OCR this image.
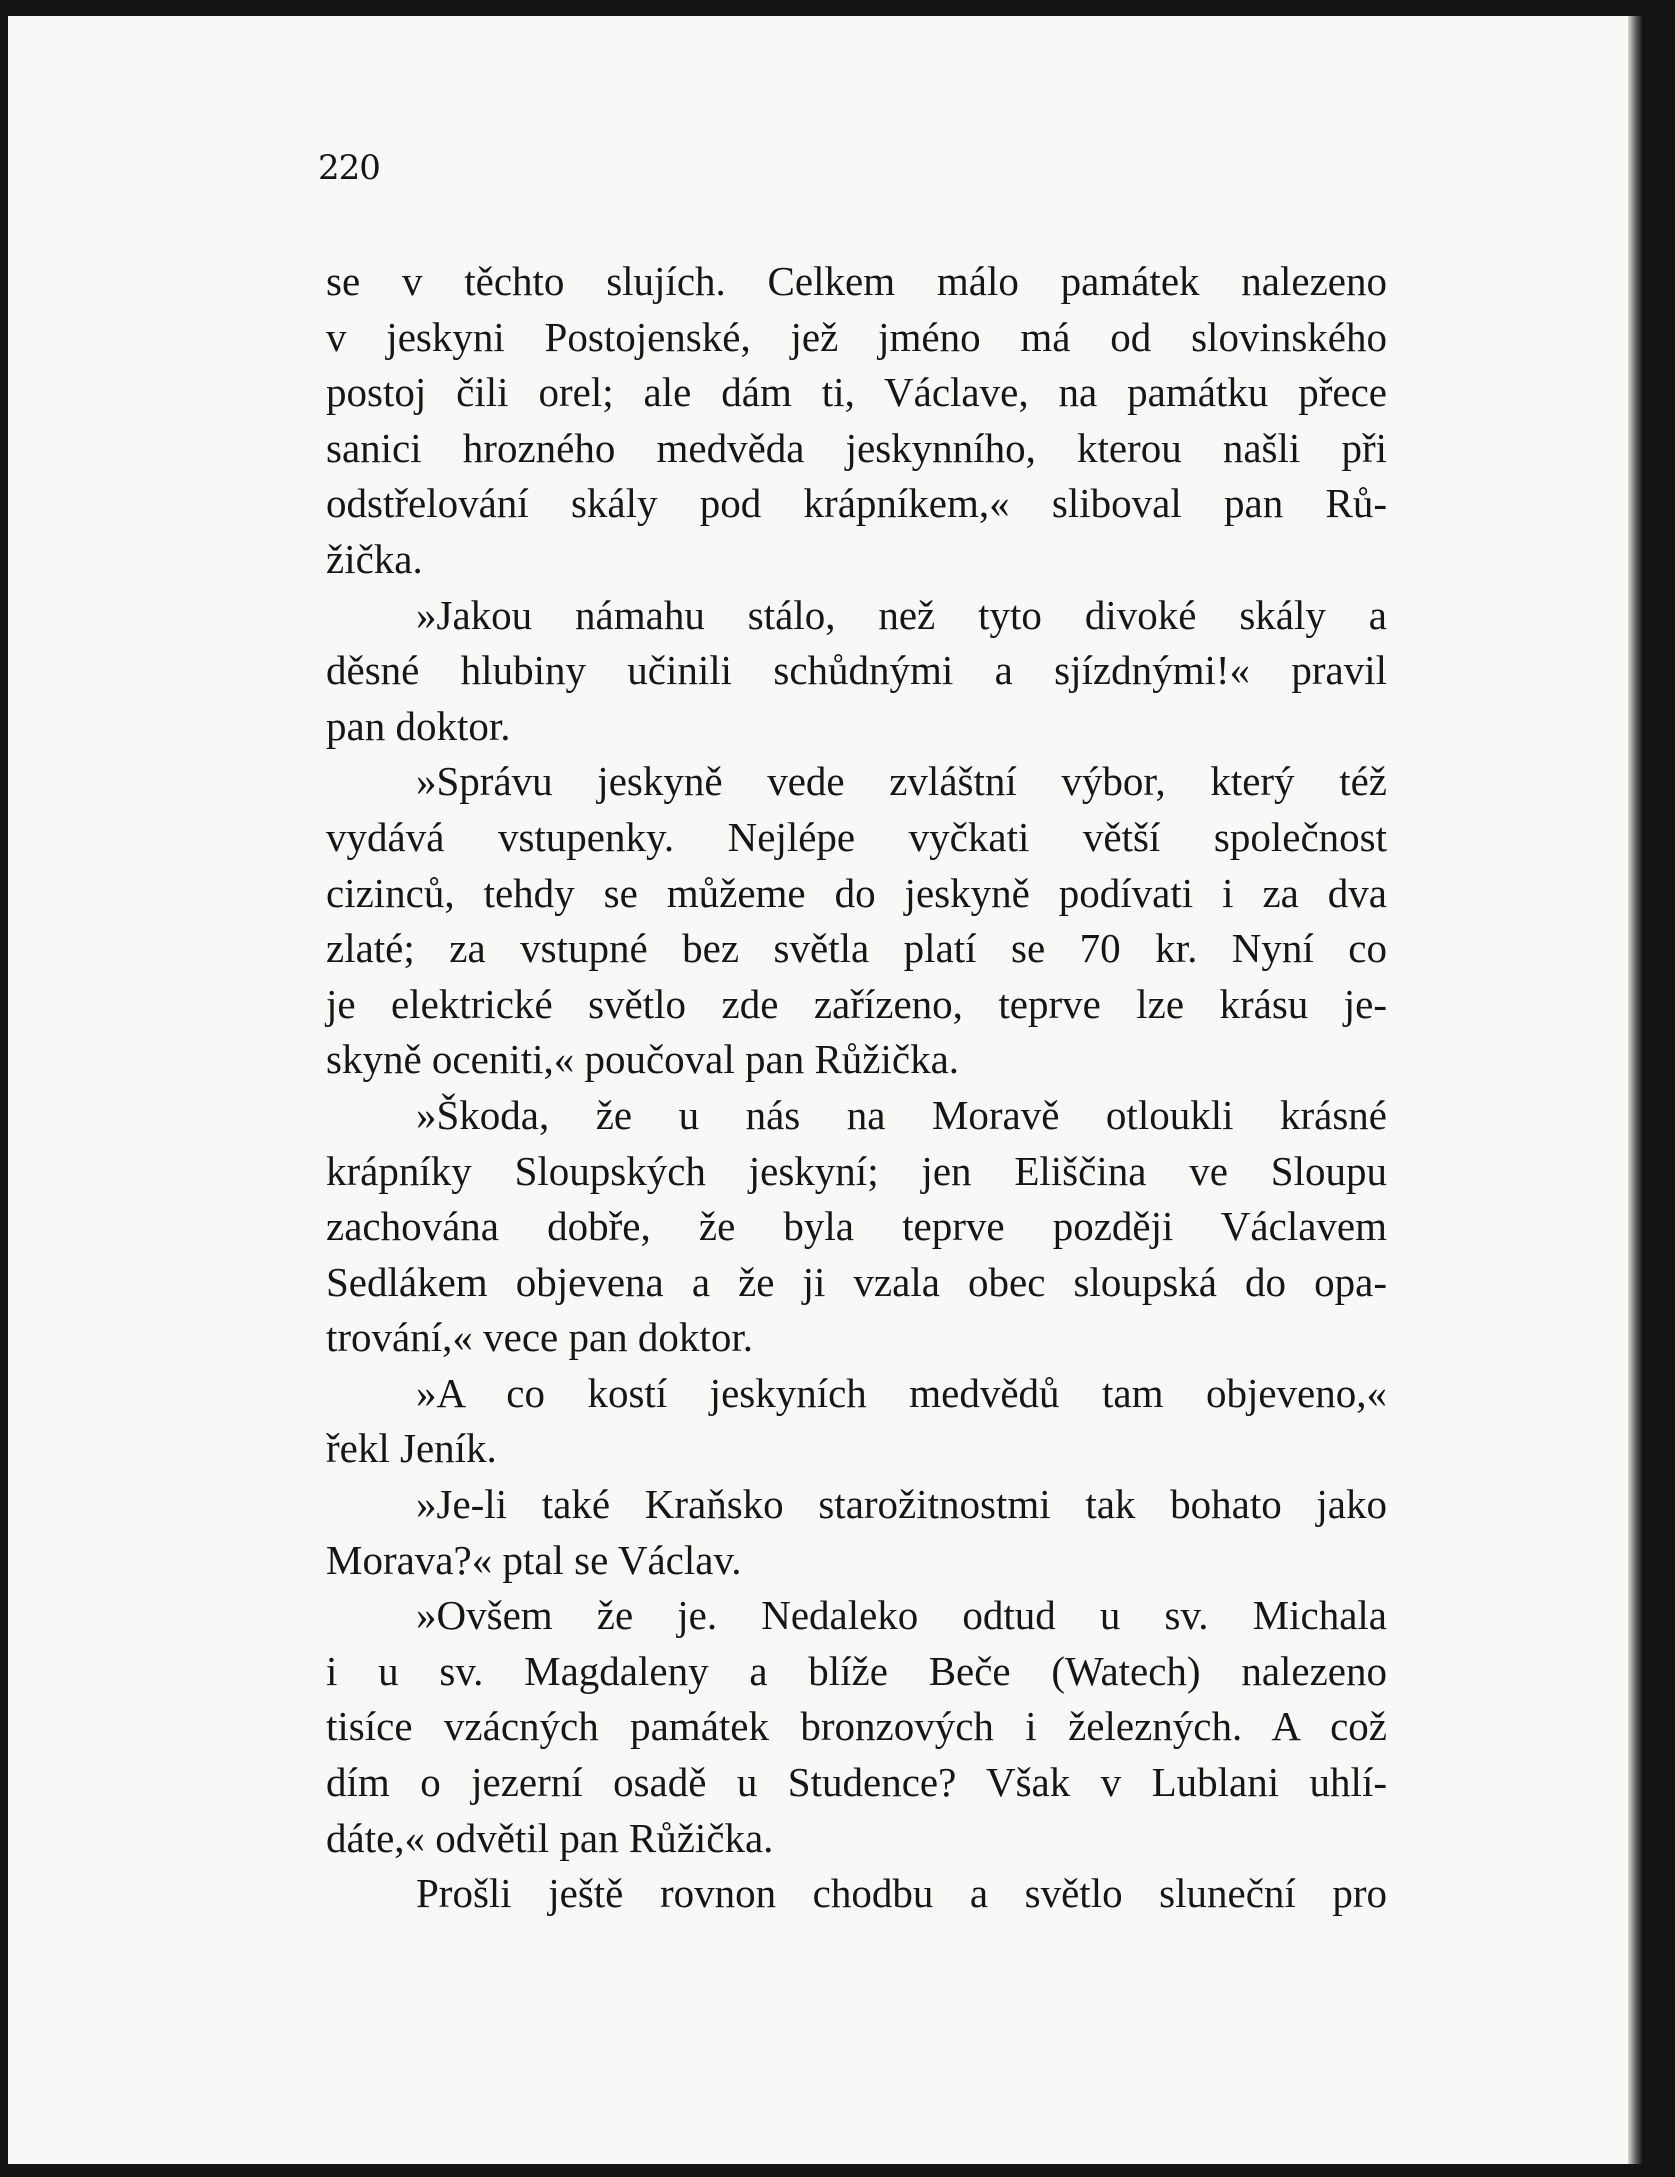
220
se v těchto slujích. Celkem málo památek nalezeno
v jeskyni Postojenské, jež jméno má od slovinského
postoj čili orel; ale dám ti, Václave, na památku přece
sanici hrozného medvěda jeskynního, kterou našli při
odstřelování skály pod krápníkem,« sliboval pan Rů-
žička.
»Jakou námahu stálo, než tyto divoké skály a
děsné hlubiny učinili schůdnými a sjízdnými!« pravil
pan doktor.
»Správu jeskyně vede zvláštní výbor, který též
vydává vstupenky. Nejlépe vyčkati větší společnost
cizinců, tehdy se můžeme do jeskyně podívati i za dva
zlaté; za vstupné bez světla platí se 70 kr. Nyní co
je elektrické světlo zde zařízeno, teprve lze krásu je-
skyně oceniti,« poučoval pan Růžička.
»Škoda, že u nás na Moravě otloukli krásné
krápníky Sloupských jeskyní; jen Eliščina ve Sloupu
zachována dobře, že byla teprve později Václavem
Sedlákem objevena a že ji vzala obec sloupská do opa-
trování,« vece pan doktor.
»A co kostí jeskyních medvědů tam objeveno,«
řekl Jeník.
»Je-li také Kraňsko starožitnostmi tak bohato jako
Morava?« ptal se Václav.
»Ovšem že je. Nedaleko odtud u sv. Michala
i u sv. Magdaleny a blíže Beče (Watech) nalezeno
tisíce vzácných památek bronzových i železných. A což
dím o jezerní osadě u Studence? Však v Lublani uhlí-
dáte,« odvětil pan Růžička.
Prošli ještě rovnon chodbu a světlo sluneční pro
